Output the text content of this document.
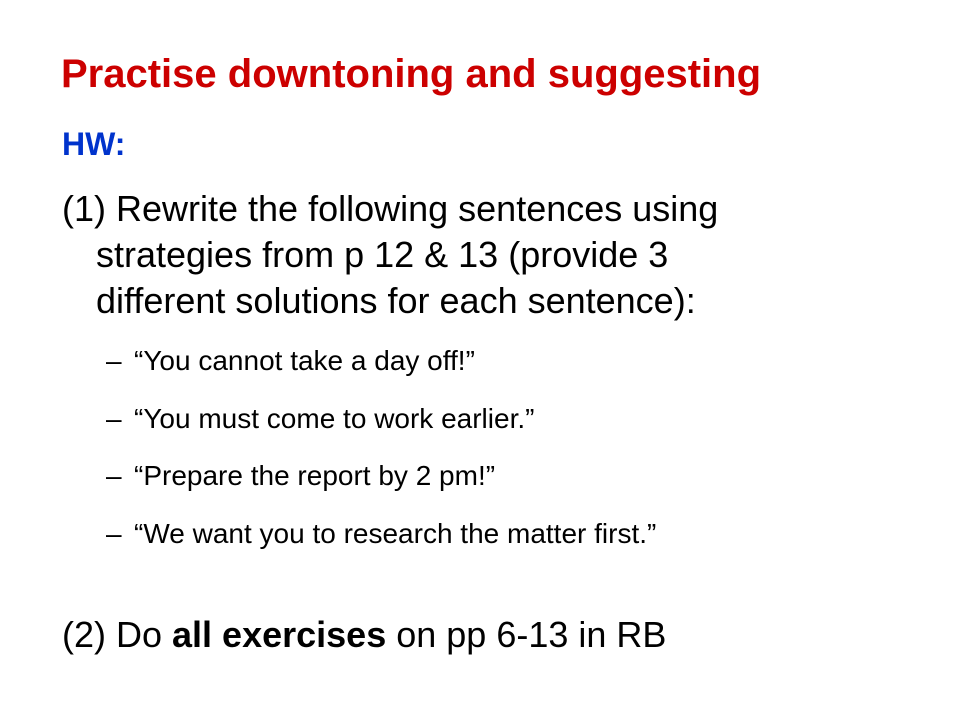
Practise downtoning and suggesting
HW:
(1) Rewrite the following sentences using
strategies from p 12 & 13 (provide 3
different solutions for each sentence):
– “You cannot take a day off!”
– “You must come to work earlier.”
– “Prepare the report by 2 pm!”
– “We want you to research the matter first.”
(2) Do all exercises on pp 6-13 in RB
